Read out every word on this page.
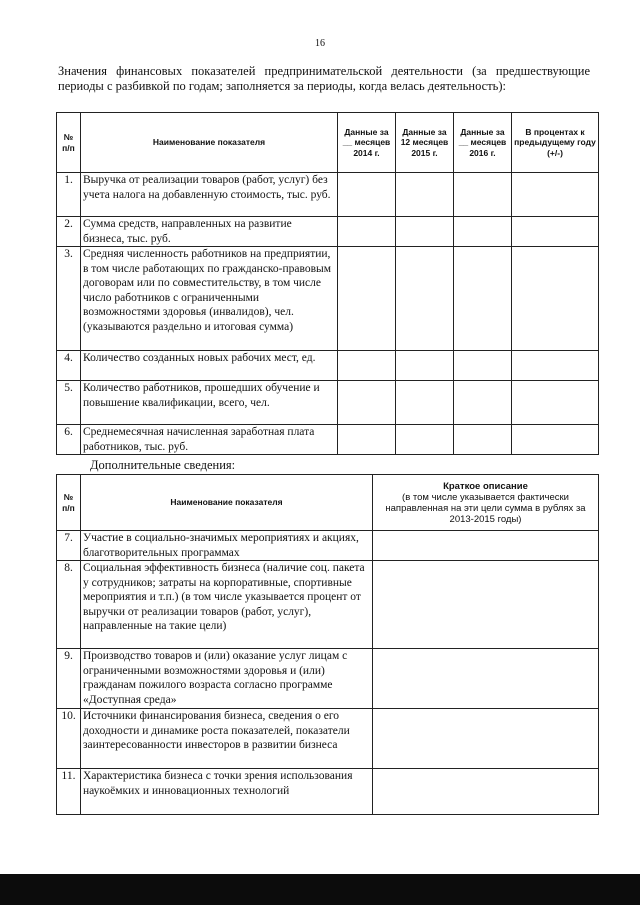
16
Значения финансовых показателей предпринимательской деятельности (за предшествующие периоды с разбивкой по годам; заполняется за периоды, когда велась деятельность):
№ п/п	Наименование показателя	Данные за __ месяцев 2014 г.	Данные за 12 месяцев 2015 г.	Данные за __ месяцев 2016 г.	В процентах к предыдущему году (+/-)
1.	Выручка от реализации товаров (работ, услуг) без учета налога на добавленную стоимость, тыс. руб.				
2.	Сумма средств, направленных на развитие бизнеса, тыс. руб.				
3.	Средняя численность работников на предприятии, в том числе работающих по гражданско-правовым договорам или по совместительству, в том числе число работников с ограниченными возможностями здоровья (инвалидов), чел. (указываются раздельно и итоговая сумма)				
4.	Количество созданных новых рабочих мест, ед.				
5.	Количество работников, прошедших обучение и повышение квалификации, всего, чел.				
6.	Среднемесячная начисленная заработная плата работников, тыс. руб.				
Дополнительные сведения:
№ п/п	Наименование показателя	Краткое описание
(в том числе указывается фактически направленная на эти цели сумма в рублях за 2013-2015 годы)

7.	Участие в социально-значимых мероприятиях и акциях, благотворительных программах	
8.	Социальная эффективность бизнеса (наличие соц. пакета у сотрудников; затраты на корпоративные, спортивные мероприятия и т.п.) (в том числе указывается процент от выручки от реализации товаров (работ, услуг), направленные на такие цели)	
9.	Производство товаров и (или) оказание услуг лицам с ограниченными возможностями здоровья и (или) гражданам пожилого возраста согласно программе «Доступная среда»	
10.	Источники финансирования бизнеса, сведения о его доходности и динамике роста показателей, показатели заинтересованности инвесторов в развитии бизнеса	
11.	Характеристика бизнеса с точки зрения использования наукоёмких и инновационных технологий	
